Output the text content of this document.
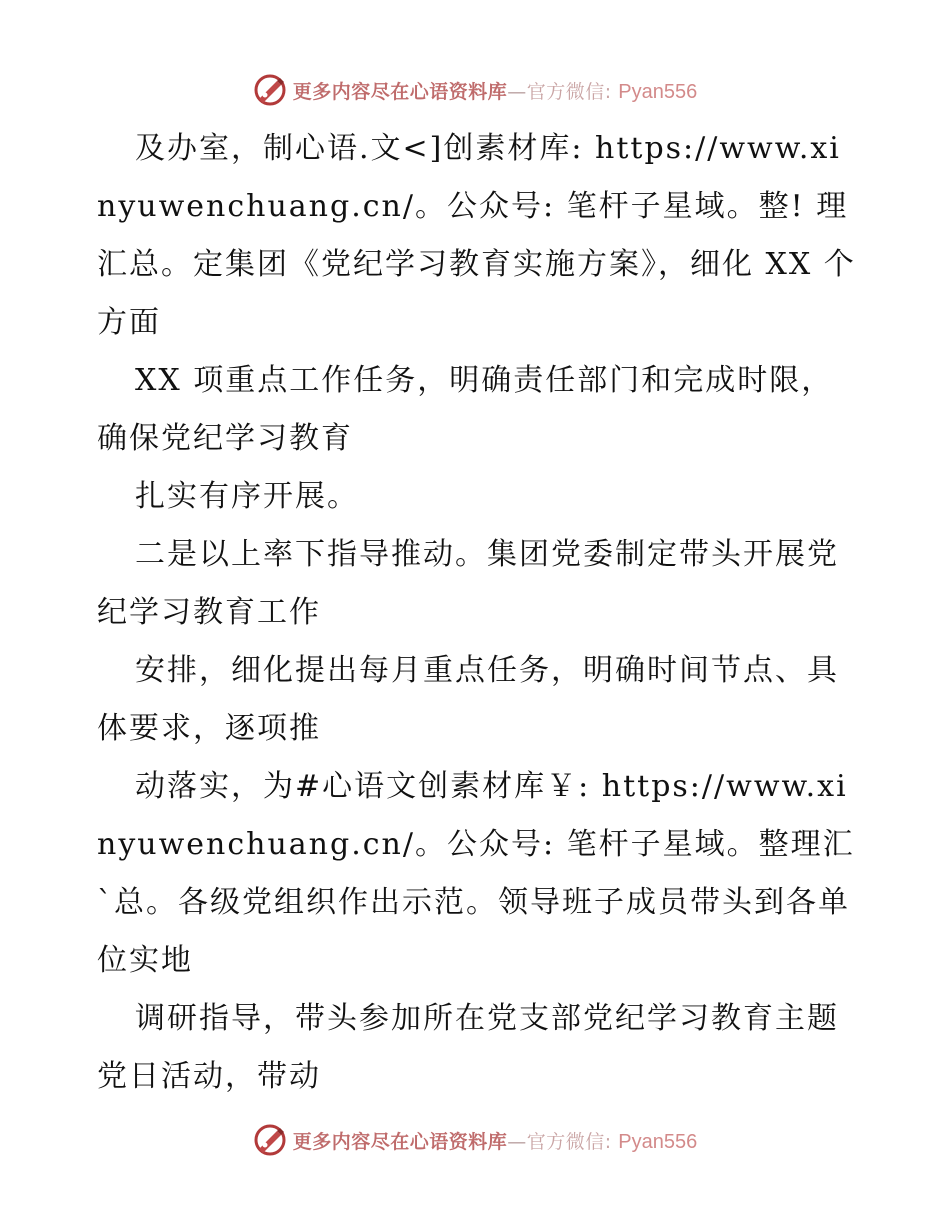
更多内容尽在心语资料库—官方微信: Pyan556

及办室，制心语.文<]创素材库: https://www.xinyuwenchuang.cn/。公众号: 笔杆子星域。整! 理汇总。定集团《党纪学习教育实施方案》，细化 XX 个方面

XX 项重点工作任务，明确责任部门和完成时限，确保党纪学习教育

扎实有序开展。

二是以上率下指导推动。集团党委制定带头开展党纪学习教育工作

安排，细化提出每月重点任务，明确时间节点、具体要求，逐项推

动落实，为#心语文创素材库￥: https://www.xinyuwenchuang.cn/。公众号: 笔杆子星域。整理汇`总。各级党组织作出示范。领导班子成员带头到各单位实地

调研指导，带头参加所在党支部党纪学习教育主题党日活动，带动

更多内容尽在心语资料库—官方微信: Pyan556
